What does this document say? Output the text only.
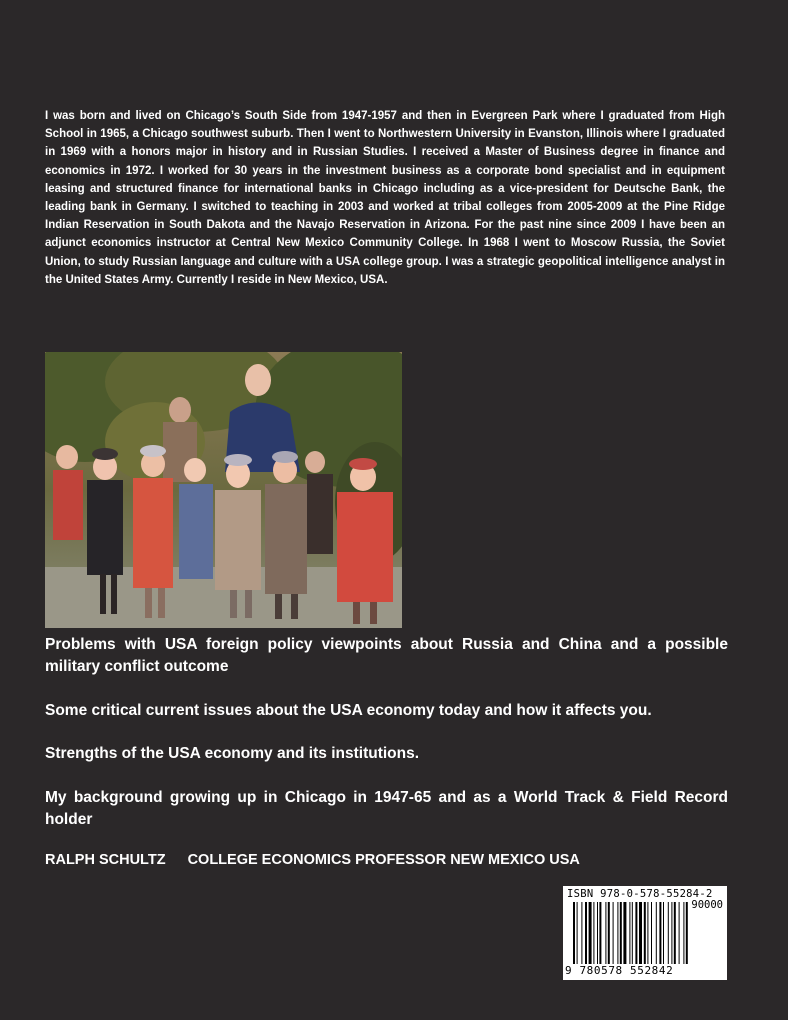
I was born and lived on Chicago’s South Side from 1947-1957 and then in Evergreen Park where I graduated from High School in 1965, a Chicago southwest suburb. Then I went to Northwestern University in Evanston, Illinois where I graduated in 1969 with a honors major in history and in Russian Studies. I received a Master of Business degree in finance and economics in 1972. I worked for 30 years in the investment business as a corporate bond specialist and in equipment leasing and structured finance for international banks in Chicago including as a vice-president for Deutsche Bank, the leading bank in Germany. I switched to teaching in 2003 and worked at tribal colleges from 2005-2009 at the Pine Ridge Indian Reservation in South Dakota and the Navajo Reservation in Arizona. For the past nine since 2009 I have been an adjunct economics instructor at Central New Mexico Community College. In 1968 I went to Moscow Russia, the Soviet Union, to study Russian language and culture with a USA college group. I was a strategic geopolitical intelligence analyst in the United States Army. Currently I reside in New Mexico, USA.

Problems with USA foreign policy viewpoints about Russia and China and a possible military conflict outcome

Some critical current issues about the USA economy today and how it affects you.

Strengths of the USA economy and its institutions.

My background growing up in Chicago in 1947-65 and as a World Track & Field Record holder

RALPH SCHULTZ COLLEGE ECONOMICS PROFESSOR NEW MEXICO USA
ISBN 978-0-578-55284-2
90000
9 780578 552842
